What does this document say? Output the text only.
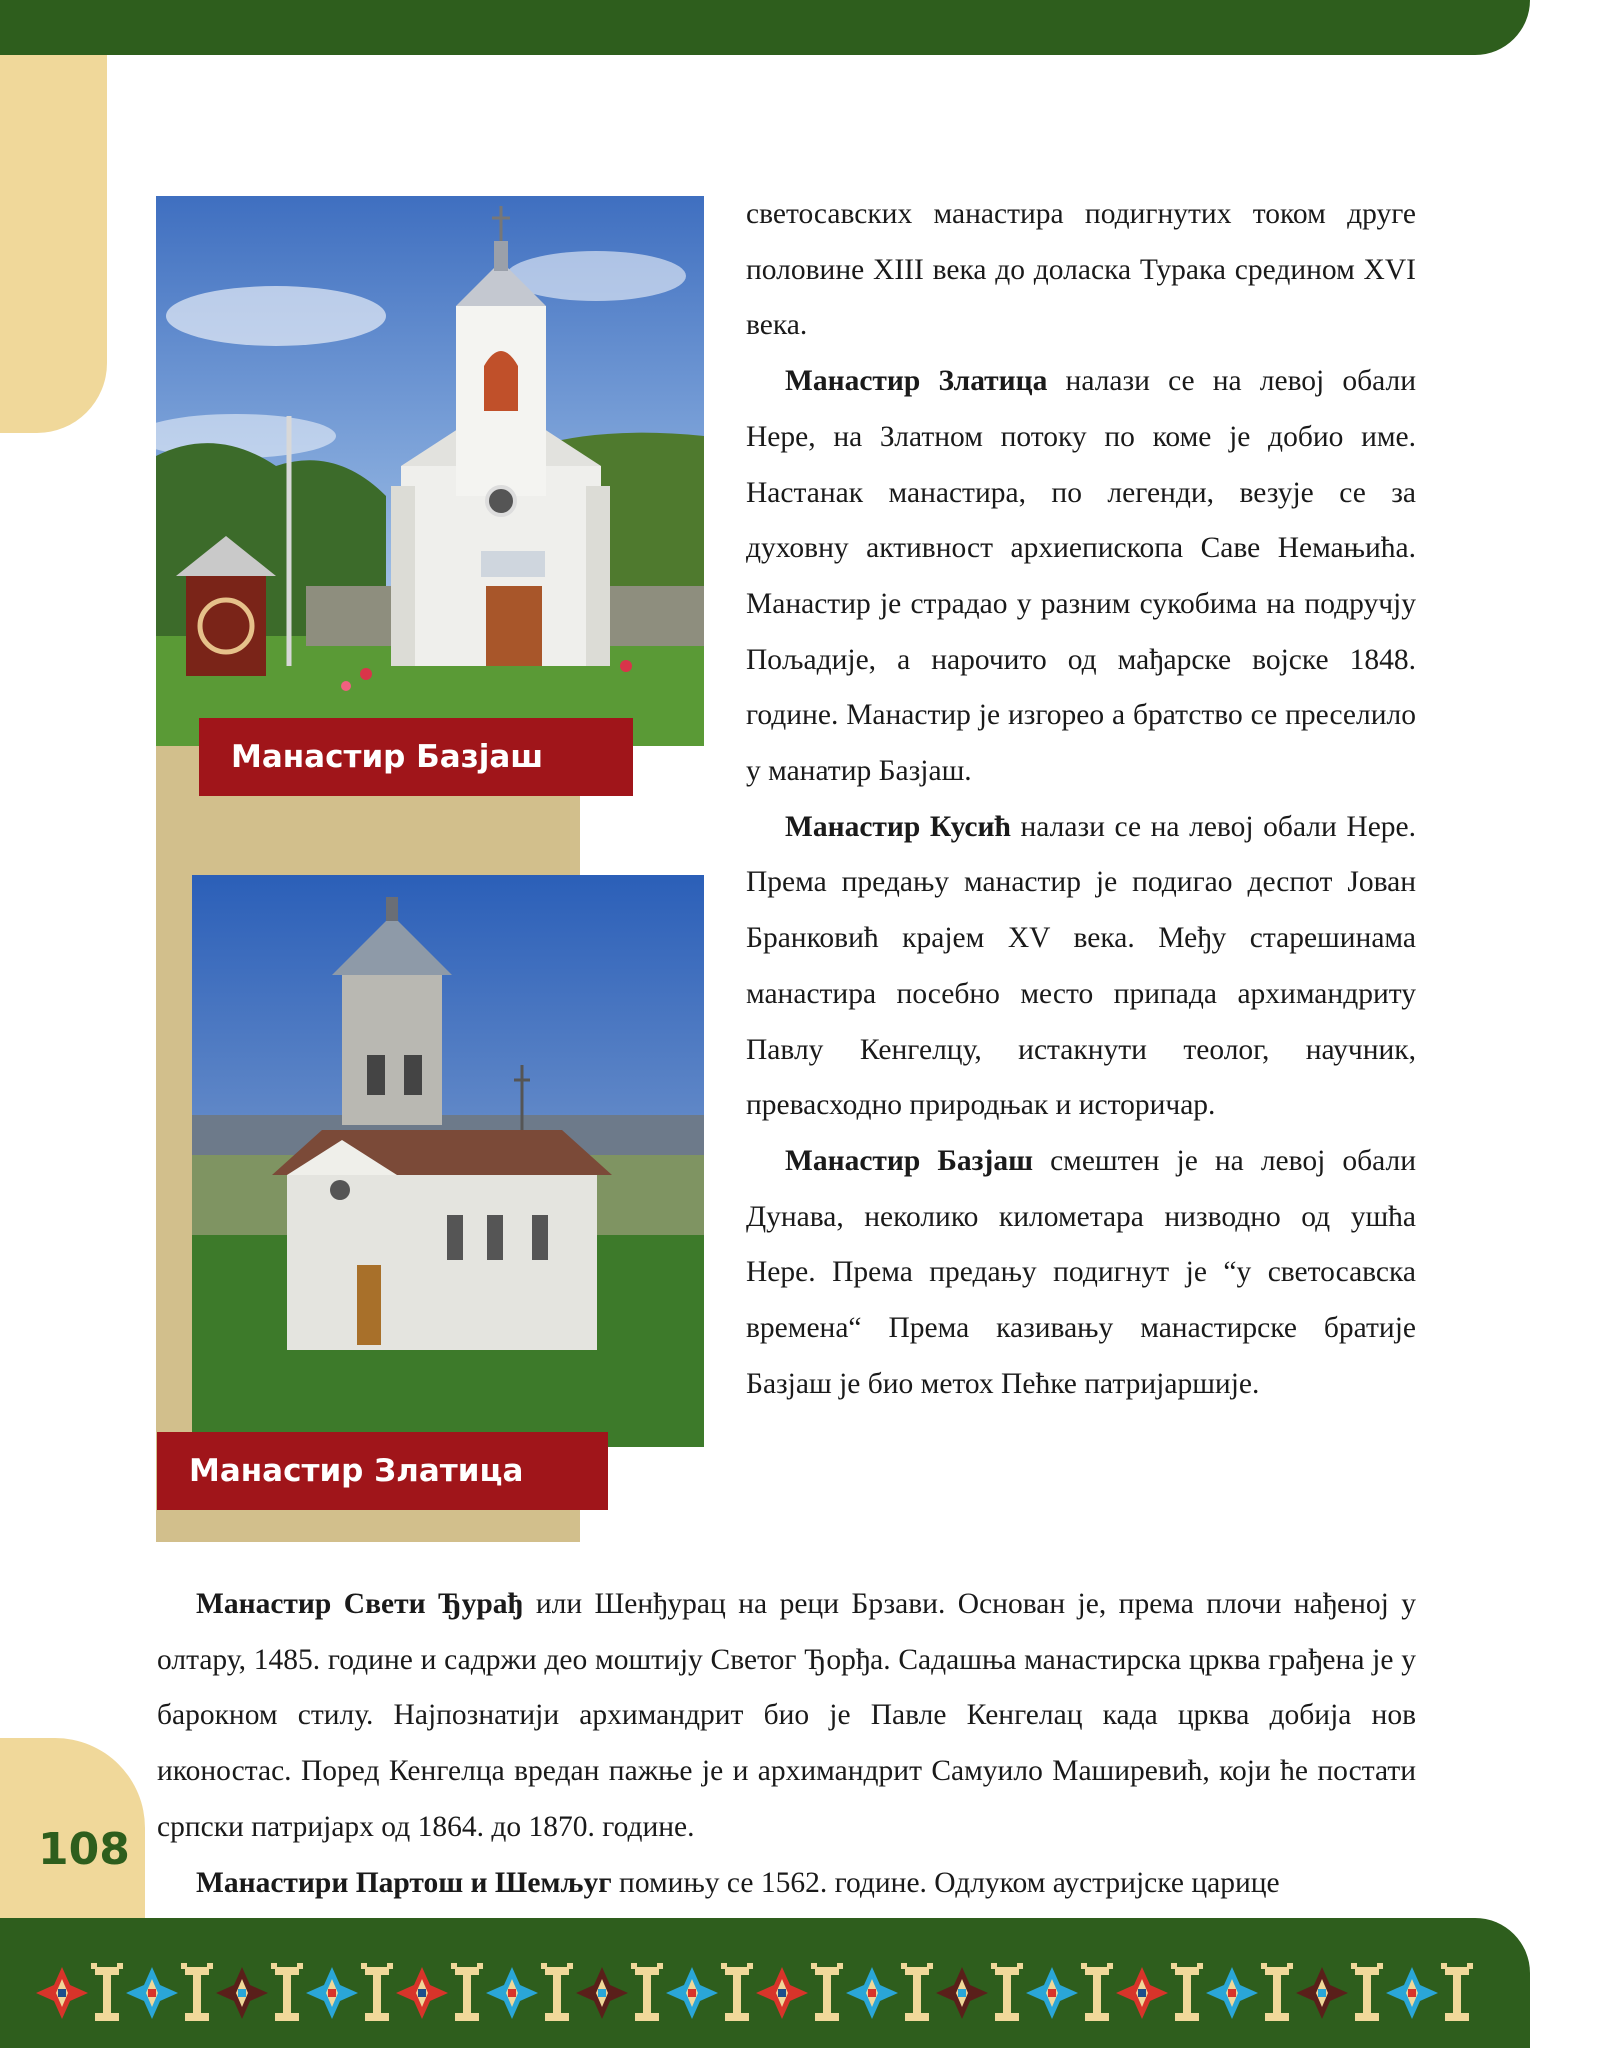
Манастир Базјаш
Манастир Златица

светосавских манастира подигнутих током друге половине XIII века до доласка Турака средином XVI века.

Манастир Златица налази се на левој обали Нере, на Златном потоку по коме је добио име. Настанак манастира, по легенди, везује се за духовну активност архиепископа Саве Немањића. Манастир је страдао у разним сукобима на подручју Пољадије, а нарочито од мађарске војске 1848. године. Манастир је изгорео а братство се преселило у манатир Базјаш.

Манастир Кусић налази се на левој обали Нере. Према предању манастир је подигао деспот Јован Бранковић крајем XV века. Међу старешинама манастира посебно место припада архимандриту Павлу Кенгелцу, истакнути теолог, научник, превасходно природњак и историчар.

Манастир Базјаш смештен је на левој обали Дунава, неколико километара низводно од ушћа Нере. Према предању подигнут је “у светосавска времена“ Према казивању манастирске братије Базјаш је био метох Пећке патријаршије.

Манастир Свети Ђурађ или Шенђурац на реци Брзави. Основан је, према плочи нађеној у олтару, 1485. године и садржи део моштију Светог Ђорђа. Садашња манастирска црква грађена је у барокном стилу. Најпознатији архимандрит био је Павле Кенгелац када црква добија нов иконостас. Поред Кенгелца вредан пажње је и архимандрит Самуило Маширевић, који ће постати српски патријарх од 1864. до 1870. године.

Манастири Партош и Шемљуг помињу се 1562. године. Одлуком аустријске царице

108
